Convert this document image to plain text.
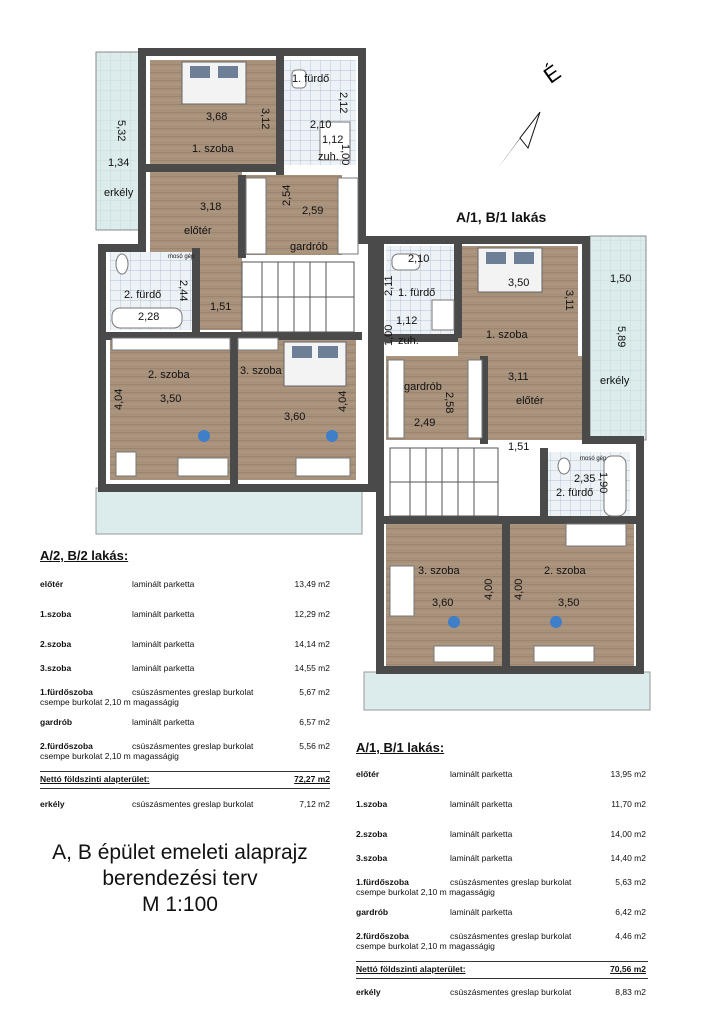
5,32
1,34
erkély
3,68	3,12
1. szoba
1. fürdő
2,12
2,10
1,12
1,00
zuh.
3,18
előtér
2,54
2,59
gardrób
mosó gép
2,44
2. fürdő
2,28
1,51
2. szoba
3,50
4,04
3. szoba
3,60
4,04
A/1, B/1 lakás
2,10
2,11 1. fürdő
1,12
1,00 zuh.
3,50
3,11
1. szoba
1,50
5,89
erkély
gardrób
2,58
2,49
3,11
előtér
1,51
mosó gép
2,35 1,90
2. fürdő
3. szoba
3,60
4,00
2. szoba
3,50
4,00
É
A/2, B/2 lakás:
előtér	laminált parketta	13,49 m2
1.szoba	laminált parketta	12,29 m2
2.szoba	laminált parketta	14,14 m2
3.szoba	laminált parketta	14,55 m2
1.fürdőszoba	csúszásmentes greslap burkolat	5,67 m2
csempe burkolat 2,10 m magasságig
gardrób	laminált parketta	6,57 m2
2.fürdőszoba	csúszásmentes greslap burkolat	5,56 m2
csempe burkolat 2,10 m magasságig
Nettó földszinti alapterület:	72,27 m2
erkély	csúszásmentes greslap burkolat	7,12 m2
A/1, B/1 lakás:
előtér	laminált parketta	13,95 m2
1.szoba	laminált parketta	11,70 m2
2.szoba	laminált parketta	14,00 m2
3.szoba	laminált parketta	14,40 m2
1.fürdőszoba	csúszásmentes greslap burkolat	5,63 m2
csempe burkolat 2,10 m magasságig
gardrób	laminált parketta	6,42 m2
2.fürdőszoba	csúszásmentes greslap burkolat	4,46 m2
csempe burkolat 2,10 m magasságig
Nettó földszinti alapterület:	70,56 m2
erkély	csúszásmentes greslap burkolat	8,83 m2
A, B épület emeleti alaprajz
berendezési terv
M 1:100
